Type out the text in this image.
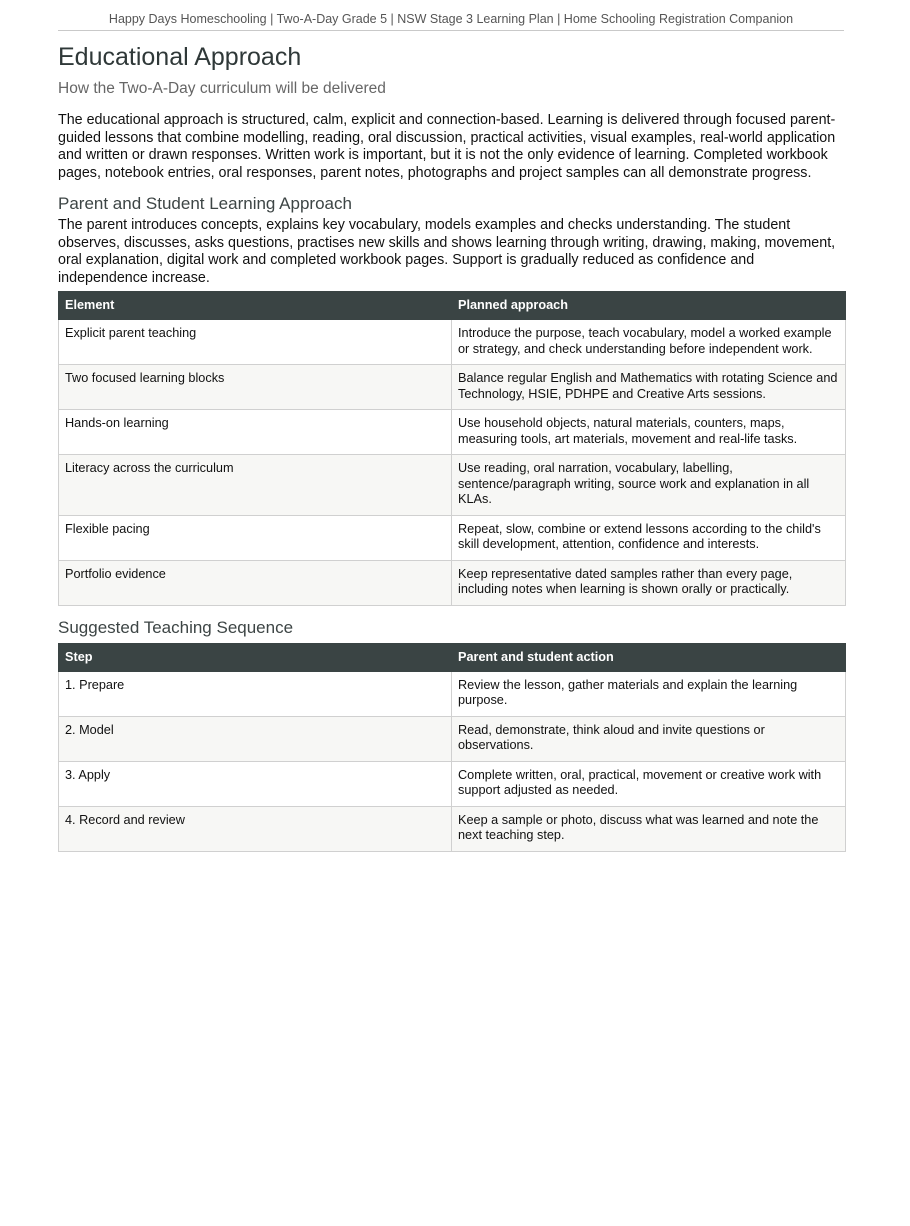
Happy Days Homeschooling | Two-A-Day Grade 5 | NSW Stage 3 Learning Plan | Home Schooling Registration Companion
Educational Approach
How the Two-A-Day curriculum will be delivered

The educational approach is structured, calm, explicit and connection-based. Learning is delivered through focused parent-guided lessons that combine modelling, reading, oral discussion, practical activities, visual examples, real-world application and written or drawn responses. Written work is important, but it is not the only evidence of learning. Completed workbook pages, notebook entries, oral responses, parent notes, photographs and project samples can all demonstrate progress.

Parent and Student Learning Approach

The parent introduces concepts, explains key vocabulary, models examples and checks understanding. The student observes, discusses, asks questions, practises new skills and shows learning through writing, drawing, making, movement, oral explanation, digital work and completed workbook pages. Support is gradually reduced as confidence and independence increase.

Element	Planned approach
Explicit parent teaching	Introduce the purpose, teach vocabulary, model a worked example or strategy, and check understanding before independent work.
Two focused learning blocks	Balance regular English and Mathematics with rotating Science and Technology, HSIE, PDHPE and Creative Arts sessions.
Hands-on learning	Use household objects, natural materials, counters, maps, measuring tools, art materials, movement and real-life tasks.
Literacy across the curriculum	Use reading, oral narration, vocabulary, labelling, sentence/paragraph writing, source work and explanation in all KLAs.
Flexible pacing	Repeat, slow, combine or extend lessons according to the child's skill development, attention, confidence and interests.
Portfolio evidence	Keep representative dated samples rather than every page, including notes when learning is shown orally or practically.
Suggested Teaching Sequence
Step	Parent and student action
1. Prepare	Review the lesson, gather materials and explain the learning purpose.
2. Model	Read, demonstrate, think aloud and invite questions or observations.
3. Apply	Complete written, oral, practical, movement or creative work with support adjusted as needed.
4. Record and review	Keep a sample or photo, discuss what was learned and note the next teaching step.
